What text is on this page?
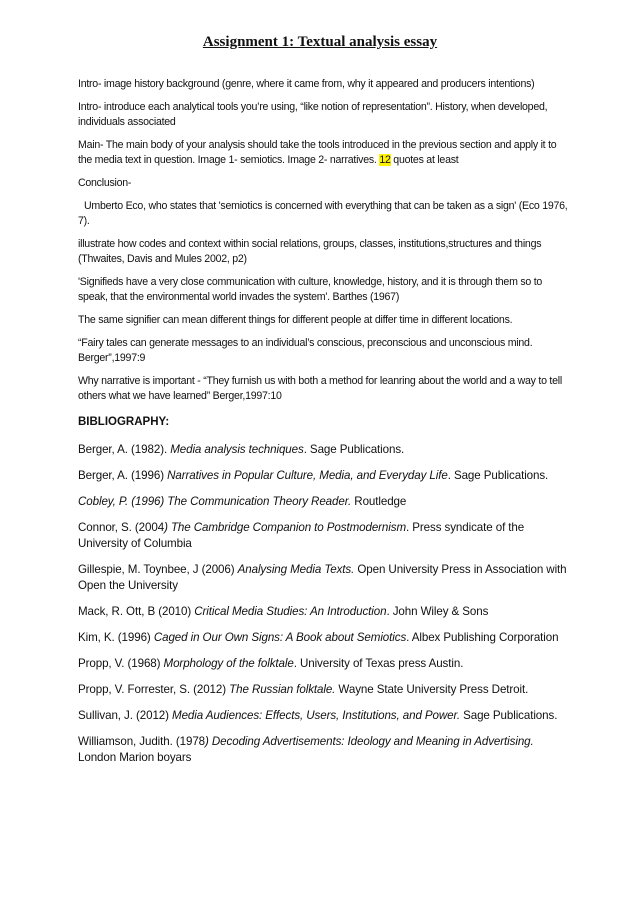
Assignment 1: Textual analysis essay

Intro- image history background (genre, where it came from, why it appeared and producers intentions)

Intro- introduce each analytical tools you’re using, “like notion of representation”. History, when developed, individuals associated

Main- The main body of your analysis should take the tools introduced in the previous section and apply it to the media text in question. Image 1- semiotics. Image 2- narratives. 12 quotes at least

Conclusion-

Umberto Eco, who states that 'semiotics is concerned with everything that can be taken as a sign' (Eco 1976, 7).

illustrate how codes and context within social relations, groups, classes, institutions,structures and things (Thwaites, Davis and Mules 2002, p2)

'Signifieds have a very close communication with culture, knowledge, history, and it is through them so to speak, that the environmental world invades the system'. Barthes (1967)

The same signifier can mean different things for different people at differ time in different locations.

“Fairy tales can generate messages to an individual’s conscious, preconscious and unconscious mind. Berger”,1997:9

Why narrative is important - “They furnish us with both a method for leanring about the world and a way to tell others what we have learned” Berger,1997:10

BIBLIOGRAPHY:

Berger, A. (1982). Media analysis techniques. Sage Publications.

Berger, A. (1996) Narratives in Popular Culture, Media, and Everyday Life. Sage Publications.

Cobley, P. (1996) The Communication Theory Reader. Routledge

Connor, S. (2004) The Cambridge Companion to Postmodernism. Press syndicate of the University of Columbia

Gillespie, M. Toynbee, J (2006) Analysing Media Texts. Open University Press in Association with Open the University

Mack, R. Ott, B (2010) Critical Media Studies: An Introduction. John Wiley & Sons

Kim, K. (1996) Caged in Our Own Signs: A Book about Semiotics. Albex Publishing Corporation

Propp, V. (1968) Morphology of the folktale. University of Texas press Austin.

Propp, V. Forrester, S. (2012) The Russian folktale. Wayne State University Press Detroit.

Sullivan, J. (2012) Media Audiences: Effects, Users, Institutions, and Power. Sage Publications.

Williamson, Judith. (1978) Decoding Advertisements: Ideology and Meaning in Advertising. London Marion boyars
